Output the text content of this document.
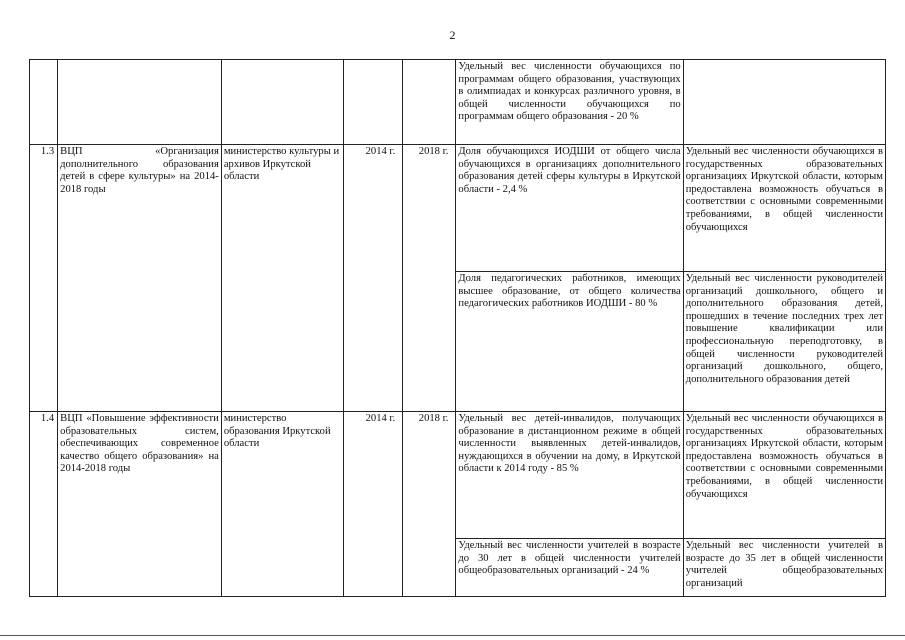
2
					Удельный вес численности обучающихся по программам общего образования, участвующих в олимпиадах и конкурсах различного уровня, в общей численности обучающихся по программам общего образования - 20 %	
1.3	ВЦП «Организация дополнительного образования детей в сфере культуры» на 2014-2018 годы	министерство культуры и архивов Иркутской области	2014 г.	2018 г.	Доля обучающихся ИОДШИ от общего числа обучающихся в организациях дополнительного образования детей сферы культуры в Иркутской области - 2,4 %	Удельный вес численности обучающихся в государственных образовательных организациях Иркутской области, которым предоставлена возможность обучаться в соответствии с основными современными требованиями, в общей численности обучающихся
					Доля педагогических работников, имеющих высшее образование, от общего количества педагогических работников ИОДШИ - 80 %	Удельный вес численности руководителей организаций дошкольного, общего и дополнительного образования детей, прошедших в течение последних трех лет повышение квалификации или профессиональную переподготовку, в общей численности руководителей организаций дошкольного, общего, дополнительного образования детей
1.4	ВЦП «Повышение эффективности образовательных систем, обеспечивающих современное качество общего образования» на 2014-2018 годы	министерство образования Иркутской области	2014 г.	2018 г.	Удельный вес детей-инвалидов, получающих образование в дистанционном режиме в общей численности выявленных детей-инвалидов, нуждающихся в обучении на дому, в Иркутской области к 2014 году - 85 %	Удельный вес численности обучающихся в государственных образовательных организациях Иркутской области, которым предоставлена возможность обучаться в соответствии с основными современными требованиями, в общей численности обучающихся
					Удельный вес численности учителей в возрасте до 30 лет в общей численности учителей общеобразовательных организаций - 24 %	Удельный вес численности учителей в возрасте до 35 лет в общей численности учителей общеобразовательных организаций
